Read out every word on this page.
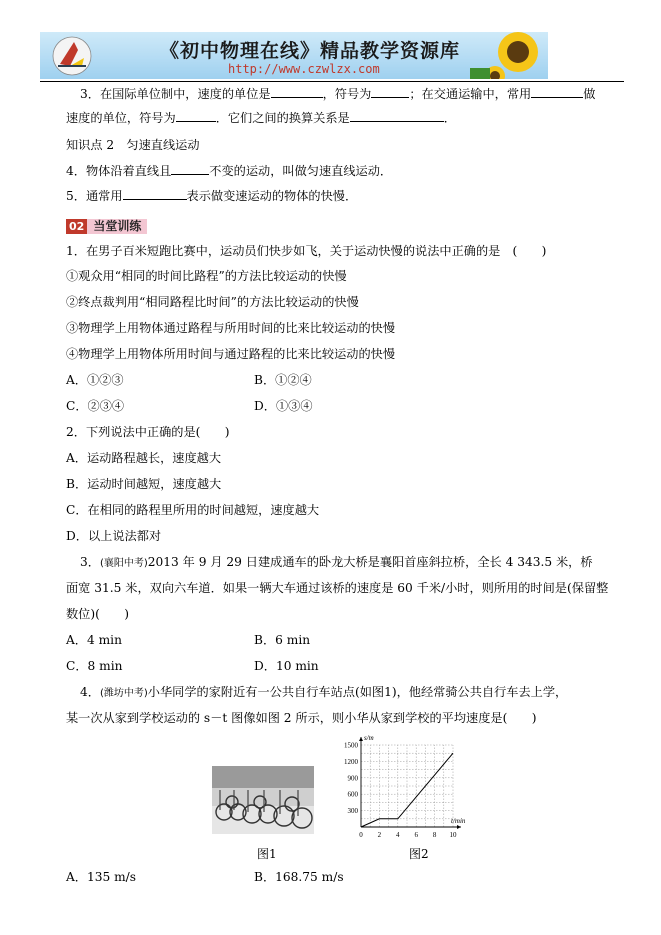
《初中物理在线》精品教学资源库
http://www.czwlzx.com
3．在国际单位制中，速度的单位是	，符号为	；在交通运输中，常用	做
速度的单位，符号为	．它们之间的换算关系是	．
知识点 2　匀速直线运动
4．物体沿着直线且	不变的运动，叫做匀速直线运动．
5．通常用	表示做变速运动的物体的快慢．
02 当堂训练
1．在男子百米短跑比赛中，运动员们快步如飞，关于运动快慢的说法中正确的是　(　　)
①观众用“相同的时间比路程”的方法比较运动的快慢
②终点裁判用“相同路程比时间”的方法比较运动的快慢
③物理学上用物体通过路程与所用时间的比来比较运动的快慢
④物理学上用物体所用时间与通过路程的比来比较运动的快慢
A．①②③	B．①②④
C．②③④	D．①③④
2．下列说法中正确的是(　　)
A．运动路程越长，速度越大
B．运动时间越短，速度越大
C．在相同的路程里所用的时间越短，速度越大
D．以上说法都对
3．(襄阳中考)2013 年 9 月 29 日建成通车的卧龙大桥是襄阳首座斜拉桥，全长 4 343.5 米，桥
面宽 31.5 米，双向六车道．如果一辆大车通过该桥的速度是 60 千米/小时，则所用的时间是(保留整
数位)(　　)
A．4 min	B．6 min
C．8 min	D．10 min
4．(潍坊中考)小华同学的家附近有一公共自行车站点(如图1)，他经常骑公共自行车去上学，
某一次从家到学校运动的 s－t 图像如图 2 所示，则小华从家到学校的平均速度是(　　)
图1
0 2 4 6 8 10
300
600
900
1200
1500
s/m
t/min
图2
A．135 m/s	B．168.75 m/s
